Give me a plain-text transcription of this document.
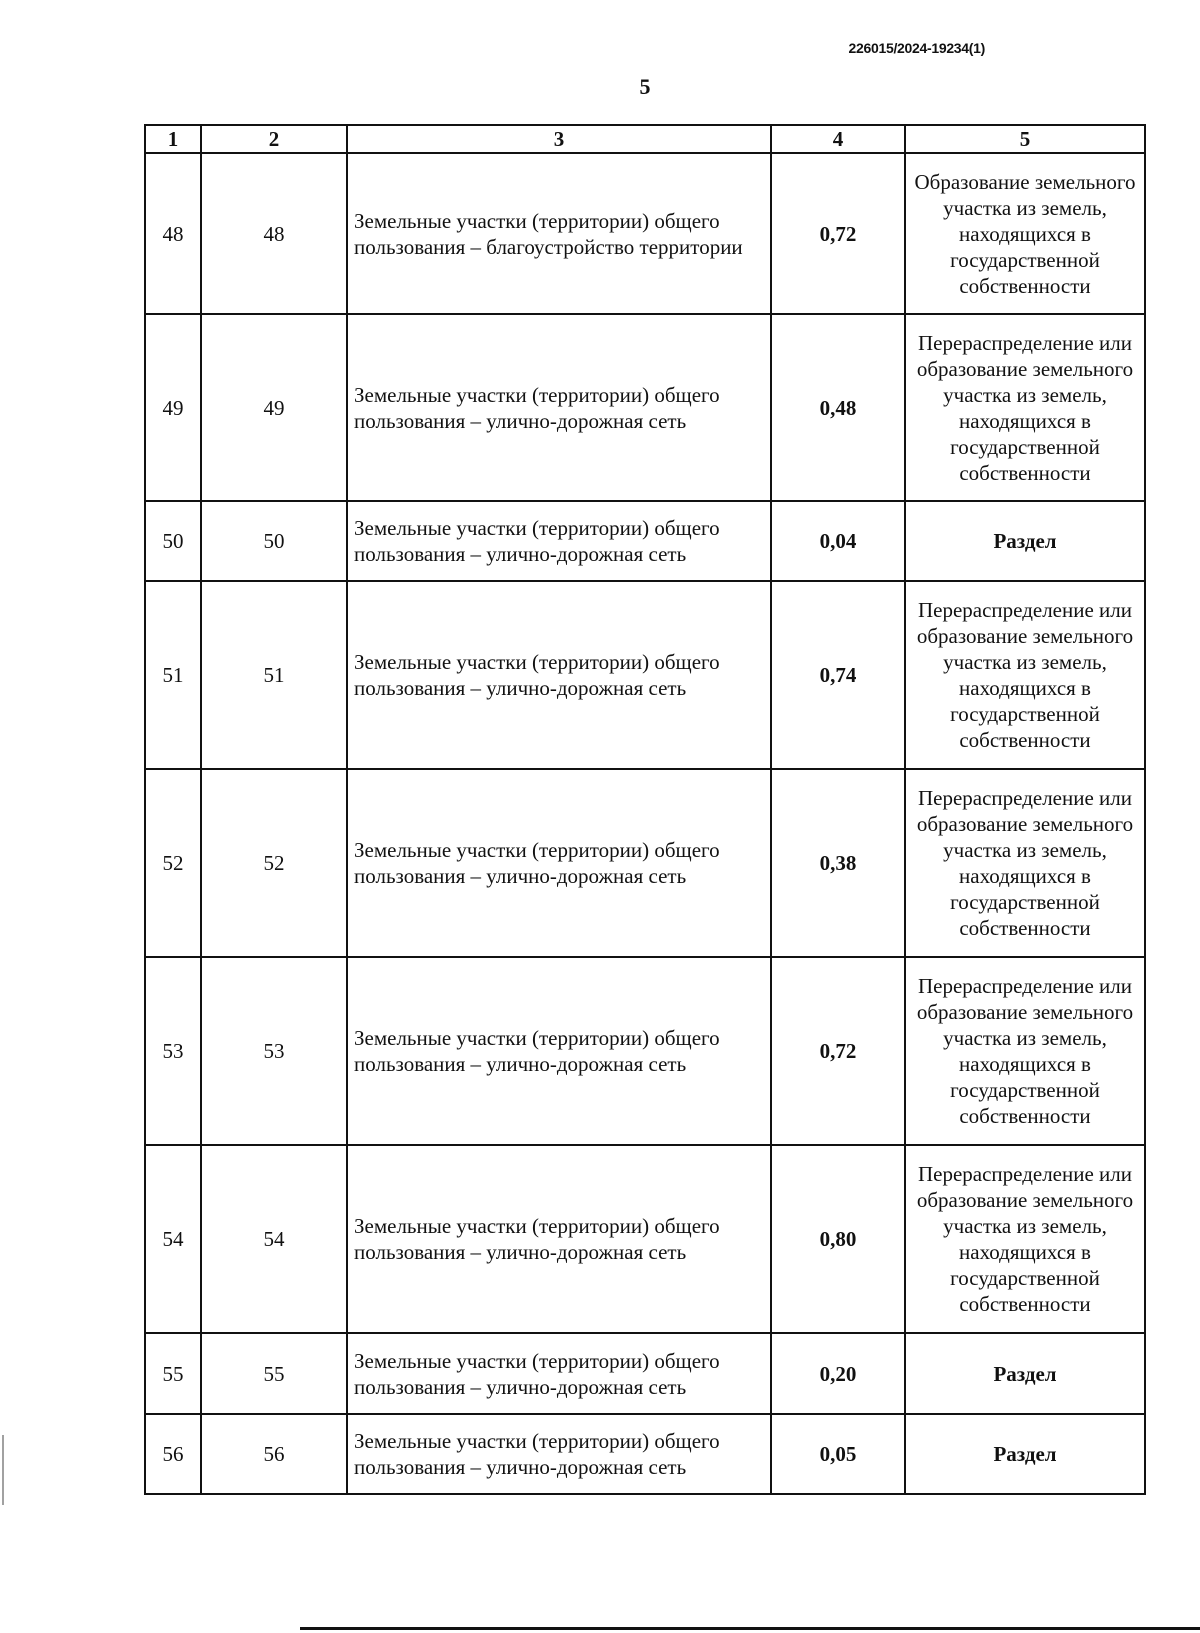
226015/2024-19234(1)
5
1	2	3	4	5
48	48	Земельные участки (территории) общего пользования – благоустройство территории	0,72	Образование земельного участка из земель, находящихся в государственной собственности
49	49	Земельные участки (территории) общего пользования – улично-дорожная сеть	0,48	Перераспределение или образование земельного участка из земель, находящихся в государственной собственности
50	50	Земельные участки (территории) общего пользования – улично-дорожная сеть	0,04	Раздел
51	51	Земельные участки (территории) общего пользования – улично-дорожная сеть	0,74	Перераспределение или образование земельного участка из земель, находящихся в государственной собственности
52	52	Земельные участки (территории) общего пользования – улично-дорожная сеть	0,38	Перераспределение или образование земельного участка из земель, находящихся в государственной собственности
53	53	Земельные участки (территории) общего пользования – улично-дорожная сеть	0,72	Перераспределение или образование земельного участка из земель, находящихся в государственной собственности
54	54	Земельные участки (территории) общего пользования – улично-дорожная сеть	0,80	Перераспределение или образование земельного участка из земель, находящихся в государственной собственности
55	55	Земельные участки (территории) общего пользования – улично-дорожная сеть	0,20	Раздел
56	56	Земельные участки (территории) общего пользования – улично-дорожная сеть	0,05	Раздел
